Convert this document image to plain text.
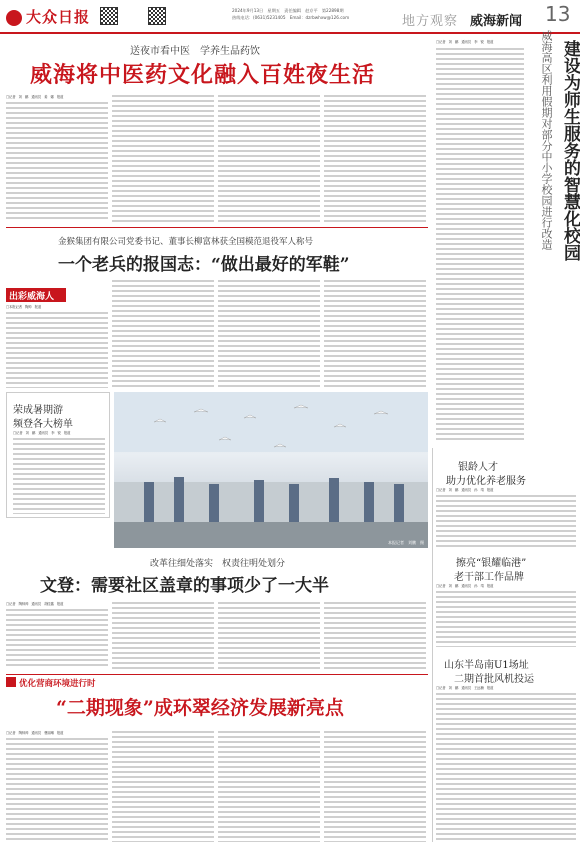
大众日报	2024年9月13日　星期五　责任编辑　赵京平　第22898期
热线电话：(0631)5231405　Email：dzrbwhxw@126.com	地方观察 威海新闻 13
送夜市看中医　学养生品药饮
威海将中医药文化融入百姓夜生活
□记者　刘　鹏　通讯员　姜　娜　报道
□记者　刘　鹏　通讯员　李　锐　报道	威海高区利用假期对部分中小学校园进行改造 建设为师生服务的智慧化校园
金猴集团有限公司党委书记、董事长柳富林获全国模范退役军人称号
一个老兵的报国志：“做出最好的军鞋”
出彩威海人
□本报记者　陶帅　报道
荣成暑期游
频登各大榜单
□记者　刘　鹏　通讯员　李　锐　报道
本报记者　刘鹏　摄
改革往细处落实　权责往明处划分
文登：需要社区盖章的事项少了一大半
□记者　陶帅帅　通讯员　胡佳鑫　报道
优化营商环境进行时
“二期现象”成环翠经济发展新亮点
□记者　陶帅帅　通讯员　曹丽琳　报道
银龄人才
助力优化养老服务
□记者　刘　鹏　通讯员　孙　靖　报道
擦亮“银耀临港”
老干部工作品牌
□记者　刘　鹏　通讯员　孙　靖　报道
山东半岛南U1场址
二期首批风机投运
□记者　刘　鹏　通讯员　王远楠　报道
